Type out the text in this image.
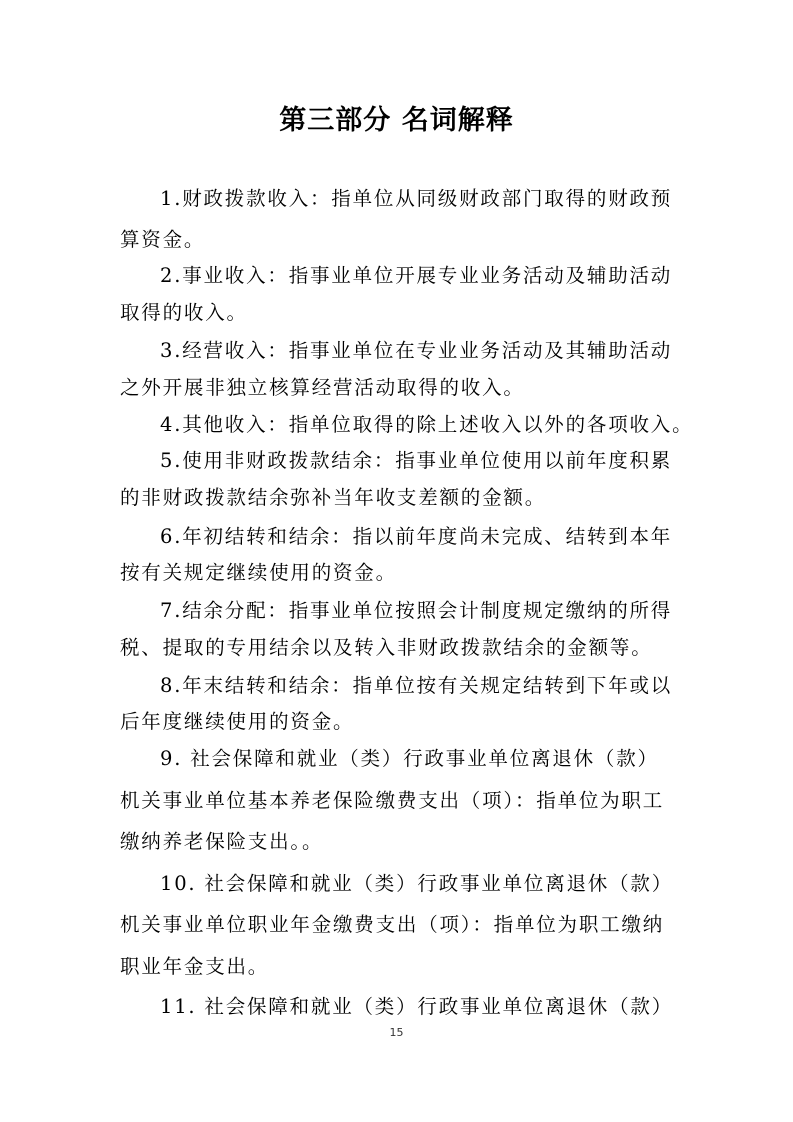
第三部分 名词解释
1.财政拨款收入：指单位从同级财政部门取得的财政预
算资金。
2.事业收入：指事业单位开展专业业务活动及辅助活动
取得的收入。
3.经营收入：指事业单位在专业业务活动及其辅助活动
之外开展非独立核算经营活动取得的收入。
4.其他收入：指单位取得的除上述收入以外的各项收入。
5.使用非财政拨款结余：指事业单位使用以前年度积累
的非财政拨款结余弥补当年收支差额的金额。
6.年初结转和结余：指以前年度尚未完成、结转到本年
按有关规定继续使用的资金。
7.结余分配：指事业单位按照会计制度规定缴纳的所得
税、提取的专用结余以及转入非财政拨款结余的金额等。
8.年末结转和结余：指单位按有关规定结转到下年或以
后年度继续使用的资金。
9. 社会保障和就业（类）行政事业单位离退休（款）
机关事业单位基本养老保险缴费支出（项）：指单位为职工
缴纳养老保险支出。。
10. 社会保障和就业（类）行政事业单位离退休（款）
机关事业单位职业年金缴费支出（项）：指单位为职工缴纳
职业年金支出。
11. 社会保障和就业（类）行政事业单位离退休（款）
15
